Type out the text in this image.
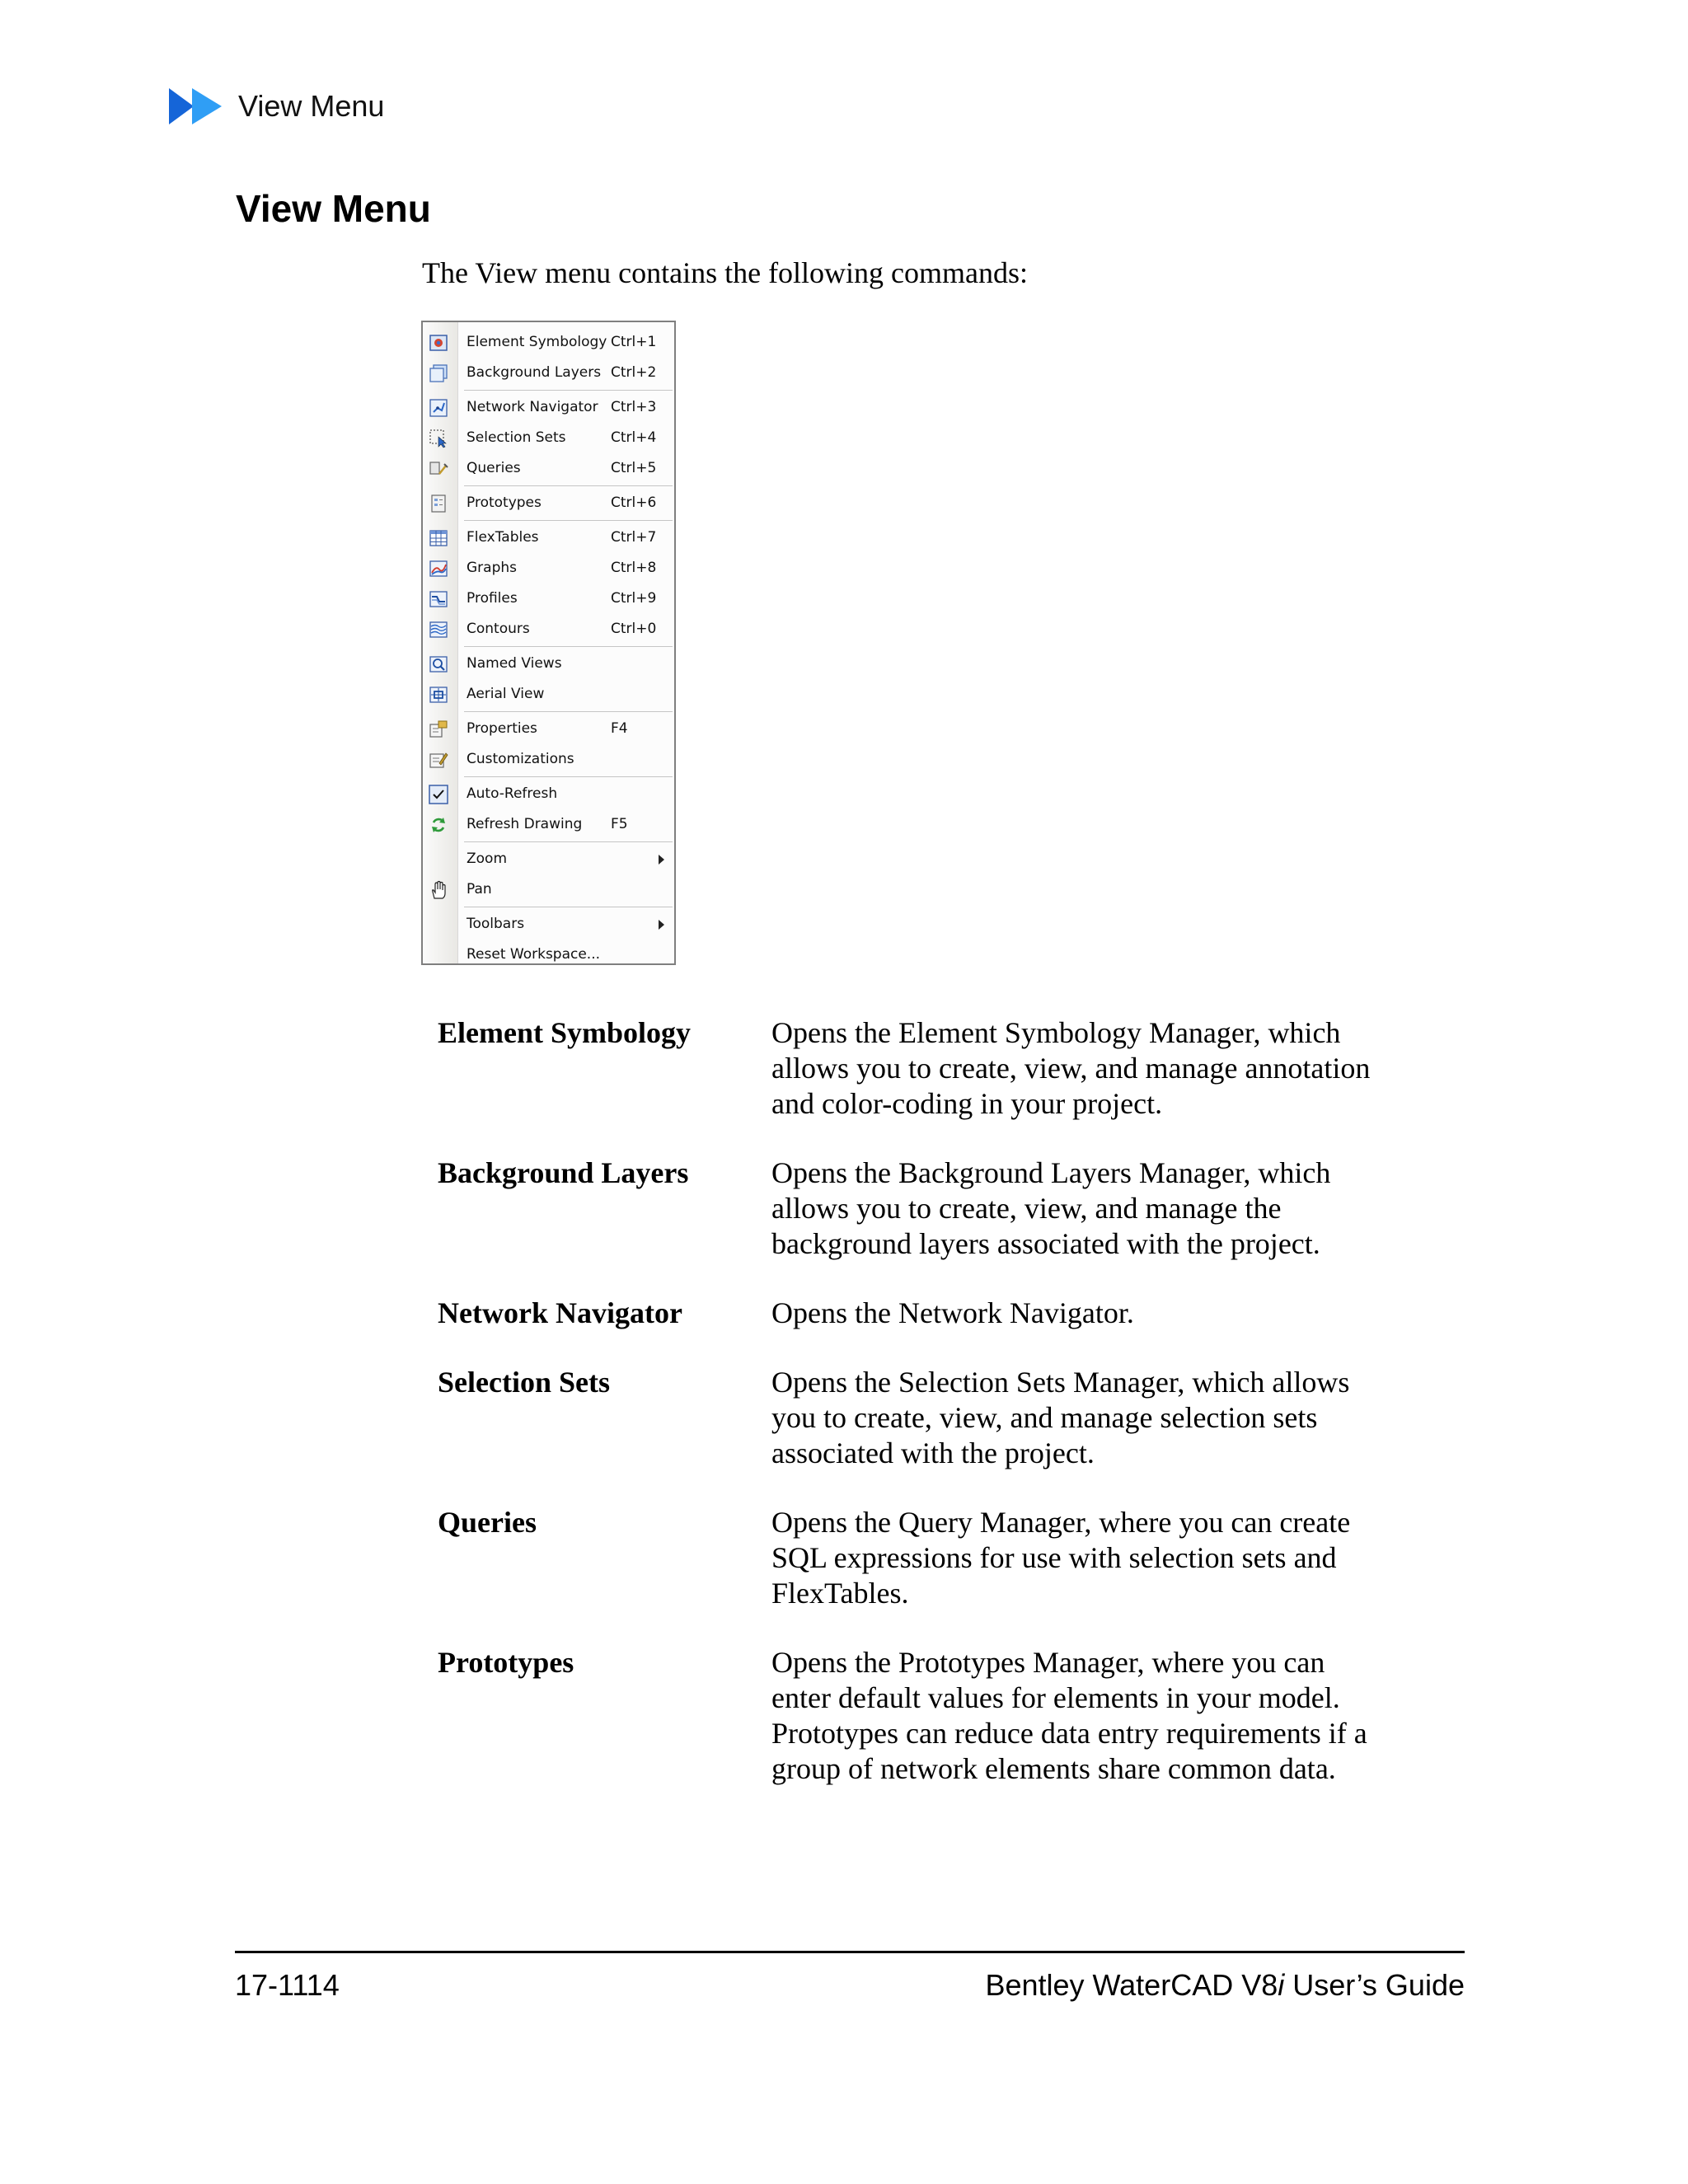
View Menu
View Menu

The View menu contains the following commands:

Element Symbology Ctrl+1
Background Layers Ctrl+2
Network Navigator Ctrl+3
Selection Sets	Ctrl+4
Queries	Ctrl+5
Prototypes	Ctrl+6
FlexTables	Ctrl+7
Graphs	Ctrl+8
Profiles	Ctrl+9
Contours	Ctrl+0
Named Views
Aerial View
Properties	F4
Customizations
Auto-Refresh
Refresh Drawing F5
Zoom
Pan
Toolbars
Reset Workspace...
Element Symbology	Opens the Element Symbology Manager, which allows you to create, view, and manage annotation and color-coding in your project.
Background Layers	Opens the Background Layers Manager, which allows you to create, view, and manage the background layers associated with the project.
Network Navigator	Opens the Network Navigator.
Selection Sets	Opens the Selection Sets Manager, which allows you to create, view, and manage selection sets associated with the project.
Queries	Opens the Query Manager, where you can create SQL expressions for use with selection sets and FlexTables.
Prototypes	Opens the Prototypes Manager, where you can enter default values for elements in your model. Prototypes can reduce data entry requirements if a group of network elements share common data.
17-1114	Bentley WaterCAD V8i User’s Guide
